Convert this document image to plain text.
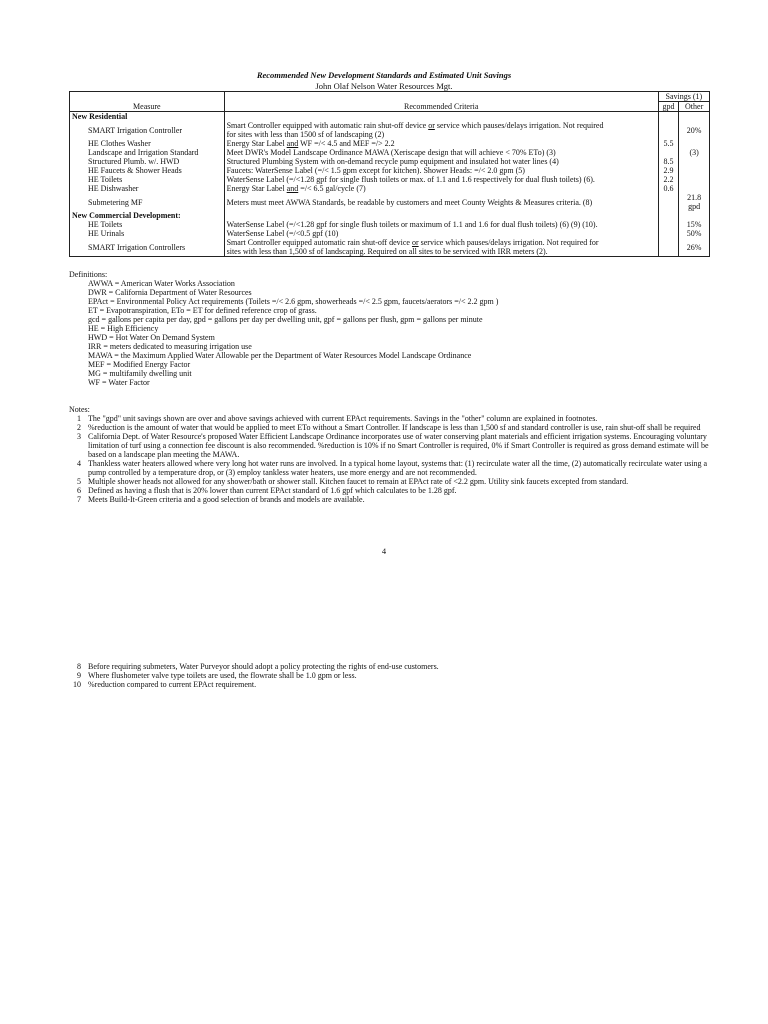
Recommended New Development Standards and Estimated Unit Savings
John Olaf Nelson Water Resources Mgt.
		Savings (1)	
Measure	Recommended Criteria	gpd	Other
New Residential			
SMART Irrigation Controller	Smart Controller equipped with automatic rain shut-off device or service which pauses/delays irrigation. Not required
for sites with less than 1500 sf of landscaping (2)		20%
HE Clothes Washer	Energy Star Label and WF =/< 4.5 and MEF =/> 2.2	5.5	
Landscape and Irrigation Standard	Meet DWR's Model Landscape Ordinance MAWA (Xeriscape design that will achieve < 70% ETo) (3)		(3)
Structured Plumb. w/. HWD	Structured Plumbing System with on-demand recycle pump equipment and insulated hot water lines (4)	8.5	
HE Faucets & Shower Heads	Faucets: WaterSense Label (=/< 1.5 gpm except for kitchen). Shower Heads: =/< 2.0 gpm (5)	2.9	
HE Toilets	WaterSense Label (=/<1.28 gpf for single flush toilets or max. of 1.1 and 1.6 respectively for dual flush toilets) (6).	2.2	
HE Dishwasher	Energy Star Label and =/< 6.5 gal/cycle (7)	0.6	
Submetering MF	Meters must meet AWWA Standards, be readable by customers and meet County Weights & Measures criteria. (8)		21.8 gpd
New Commercial Development:			
HE Toilets	WaterSense Label (=/<1.28 gpf for single flush toilets or maximum of 1.1 and 1.6 for dual flush toilets) (6) (9) (10).		15%
HE Urinals	WaterSense Label (=/<0.5 gpf (10)		50%
SMART Irrigation Controllers	Smart Controller equipped automatic rain shut-off device or service which pauses/delays irrigation. Not required for
sites with less than 1,500 sf of landscaping. Required on all sites to be serviced with IRR meters (2).		26%
Definitions:
AWWA = American Water Works Association
DWR = California Department of Water Resources
EPAct = Environmental Policy Act requirements (Toilets =/< 2.6 gpm, showerheads =/< 2.5 gpm, faucets/aerators =/< 2.2 gpm )
ET = Evapotranspiration, ETo = ET for defined reference crop of grass.
gcd = gallons per capita per day, gpd = gallons per day per dwelling unit, gpf = gallons per flush, gpm = gallons per minute
HE = High Efficiency
HWD = Hot Water On Demand System
IRR = meters dedicated to measuring irrigation use
MAWA = the Maximum Applied Water Allowable per the Department of Water Resources Model Landscape Ordinance
MEF = Modified Energy Factor
MG = multifamily dwelling unit
WF = Water Factor
Notes:
1 The "gpd" unit savings shown are over and above savings achieved with current EPAct requirements. Savings in the "other" column are explained in footnotes.
2 %reduction is the amount of water that would be applied to meet ETo without a Smart Controller. If landscape is less than 1,500 sf and standard controller is use, rain shut-off shall be required
3 California Dept. of Water Resource's proposed Water Efficient Landscape Ordinance incorporates use of water conserving plant materials and efficient irrigation systems. Encouraging voluntary limitation of turf using a connection fee discount is also recommended. %reduction is 10% if no Smart Controller is required, 0% if Smart Controller is required as gross demand estimate will be based on a landscape plan meeting the MAWA.
4 Thankless water heaters allowed where very long hot water runs are involved. In a typical home layout, systems that: (1) recirculate water all the time, (2) automatically recirculate water using a pump controlled by a temperature drop, or (3) employ tankless water heaters, use more energy and are not recommended.
5 Multiple shower heads not allowed for any shower/bath or shower stall. Kitchen faucet to remain at EPAct rate of <2.2 gpm. Utility sink faucets excepted from standard.
6 Defined as having a flush that is 20% lower than current EPAct standard of 1.6 gpf which calculates to be 1.28 gpf.
7 Meets Build-It-Green criteria and a good selection of brands and models are available.
4
8 Before requiring submeters, Water Purveyor should adopt a policy protecting the rights of end-use customers.
9 Where flushometer valve type toilets are used, the flowrate shall be 1.0 gpm or less.
10 %reduction compared to current EPAct requirement.
